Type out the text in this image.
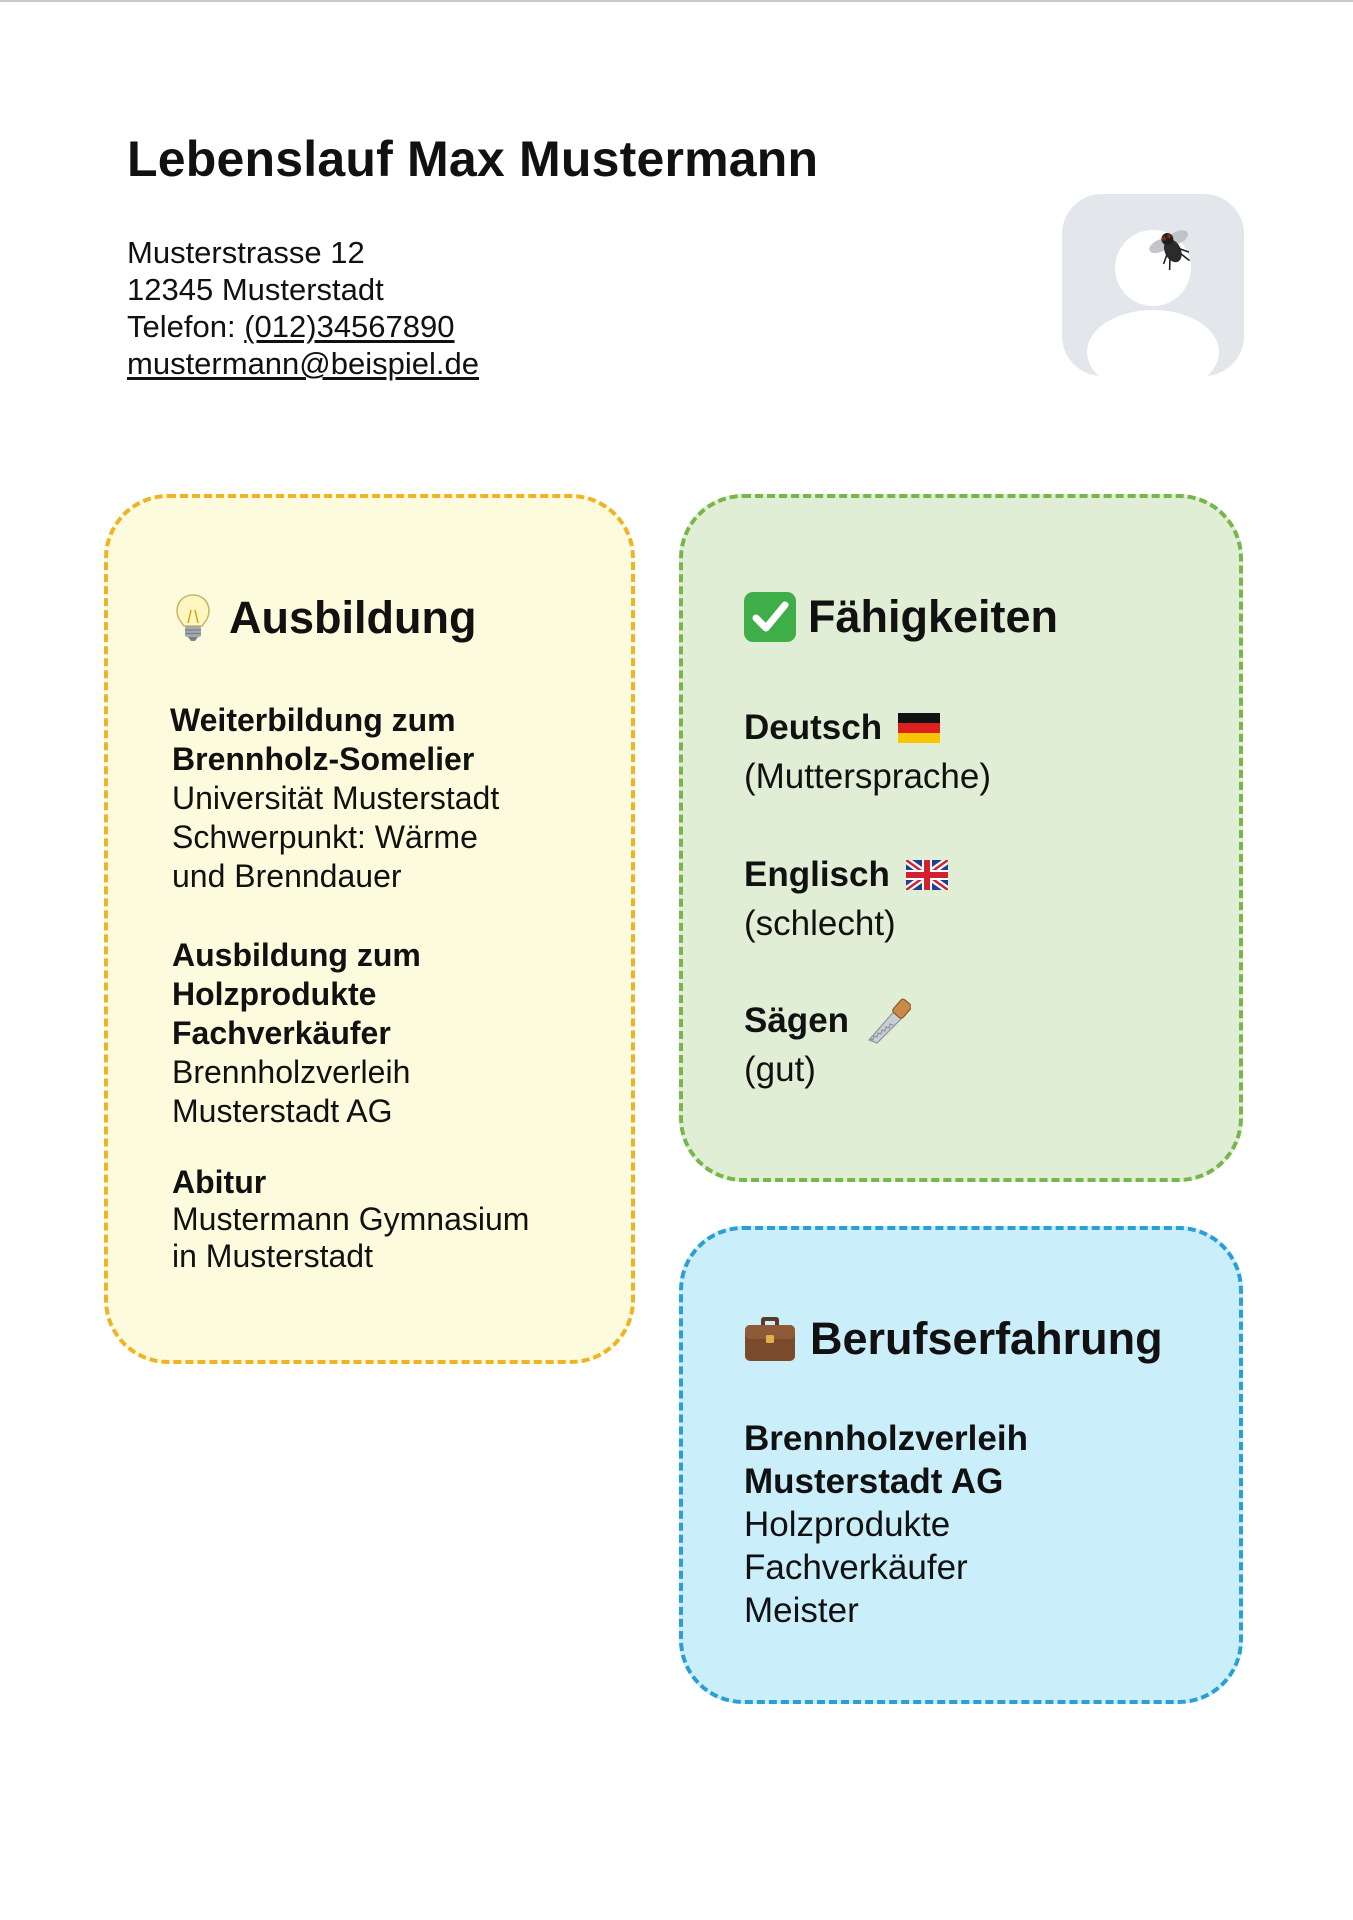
Lebenslauf Max Mustermann
Musterstrasse 12
12345 Musterstadt
Telefon: (012)34567890
mustermann@beispiel.de
Ausbildung
Weiterbildung zum
Brennholz-Somelier
Universität Musterstadt
Schwerpunkt: Wärme
und Brenndauer
Ausbildung zum
Holzprodukte
Fachverkäufer
Brennholzverleih
Musterstadt AG
Abitur
Mustermann Gymnasium
in Musterstadt
Fähigkeiten
Deutsch
(Muttersprache)
Englisch
(schlecht)
Sägen
(gut)
Berufserfahrung
Brennholzverleih
Musterstadt AG
Holzprodukte
Fachverkäufer
Meister
